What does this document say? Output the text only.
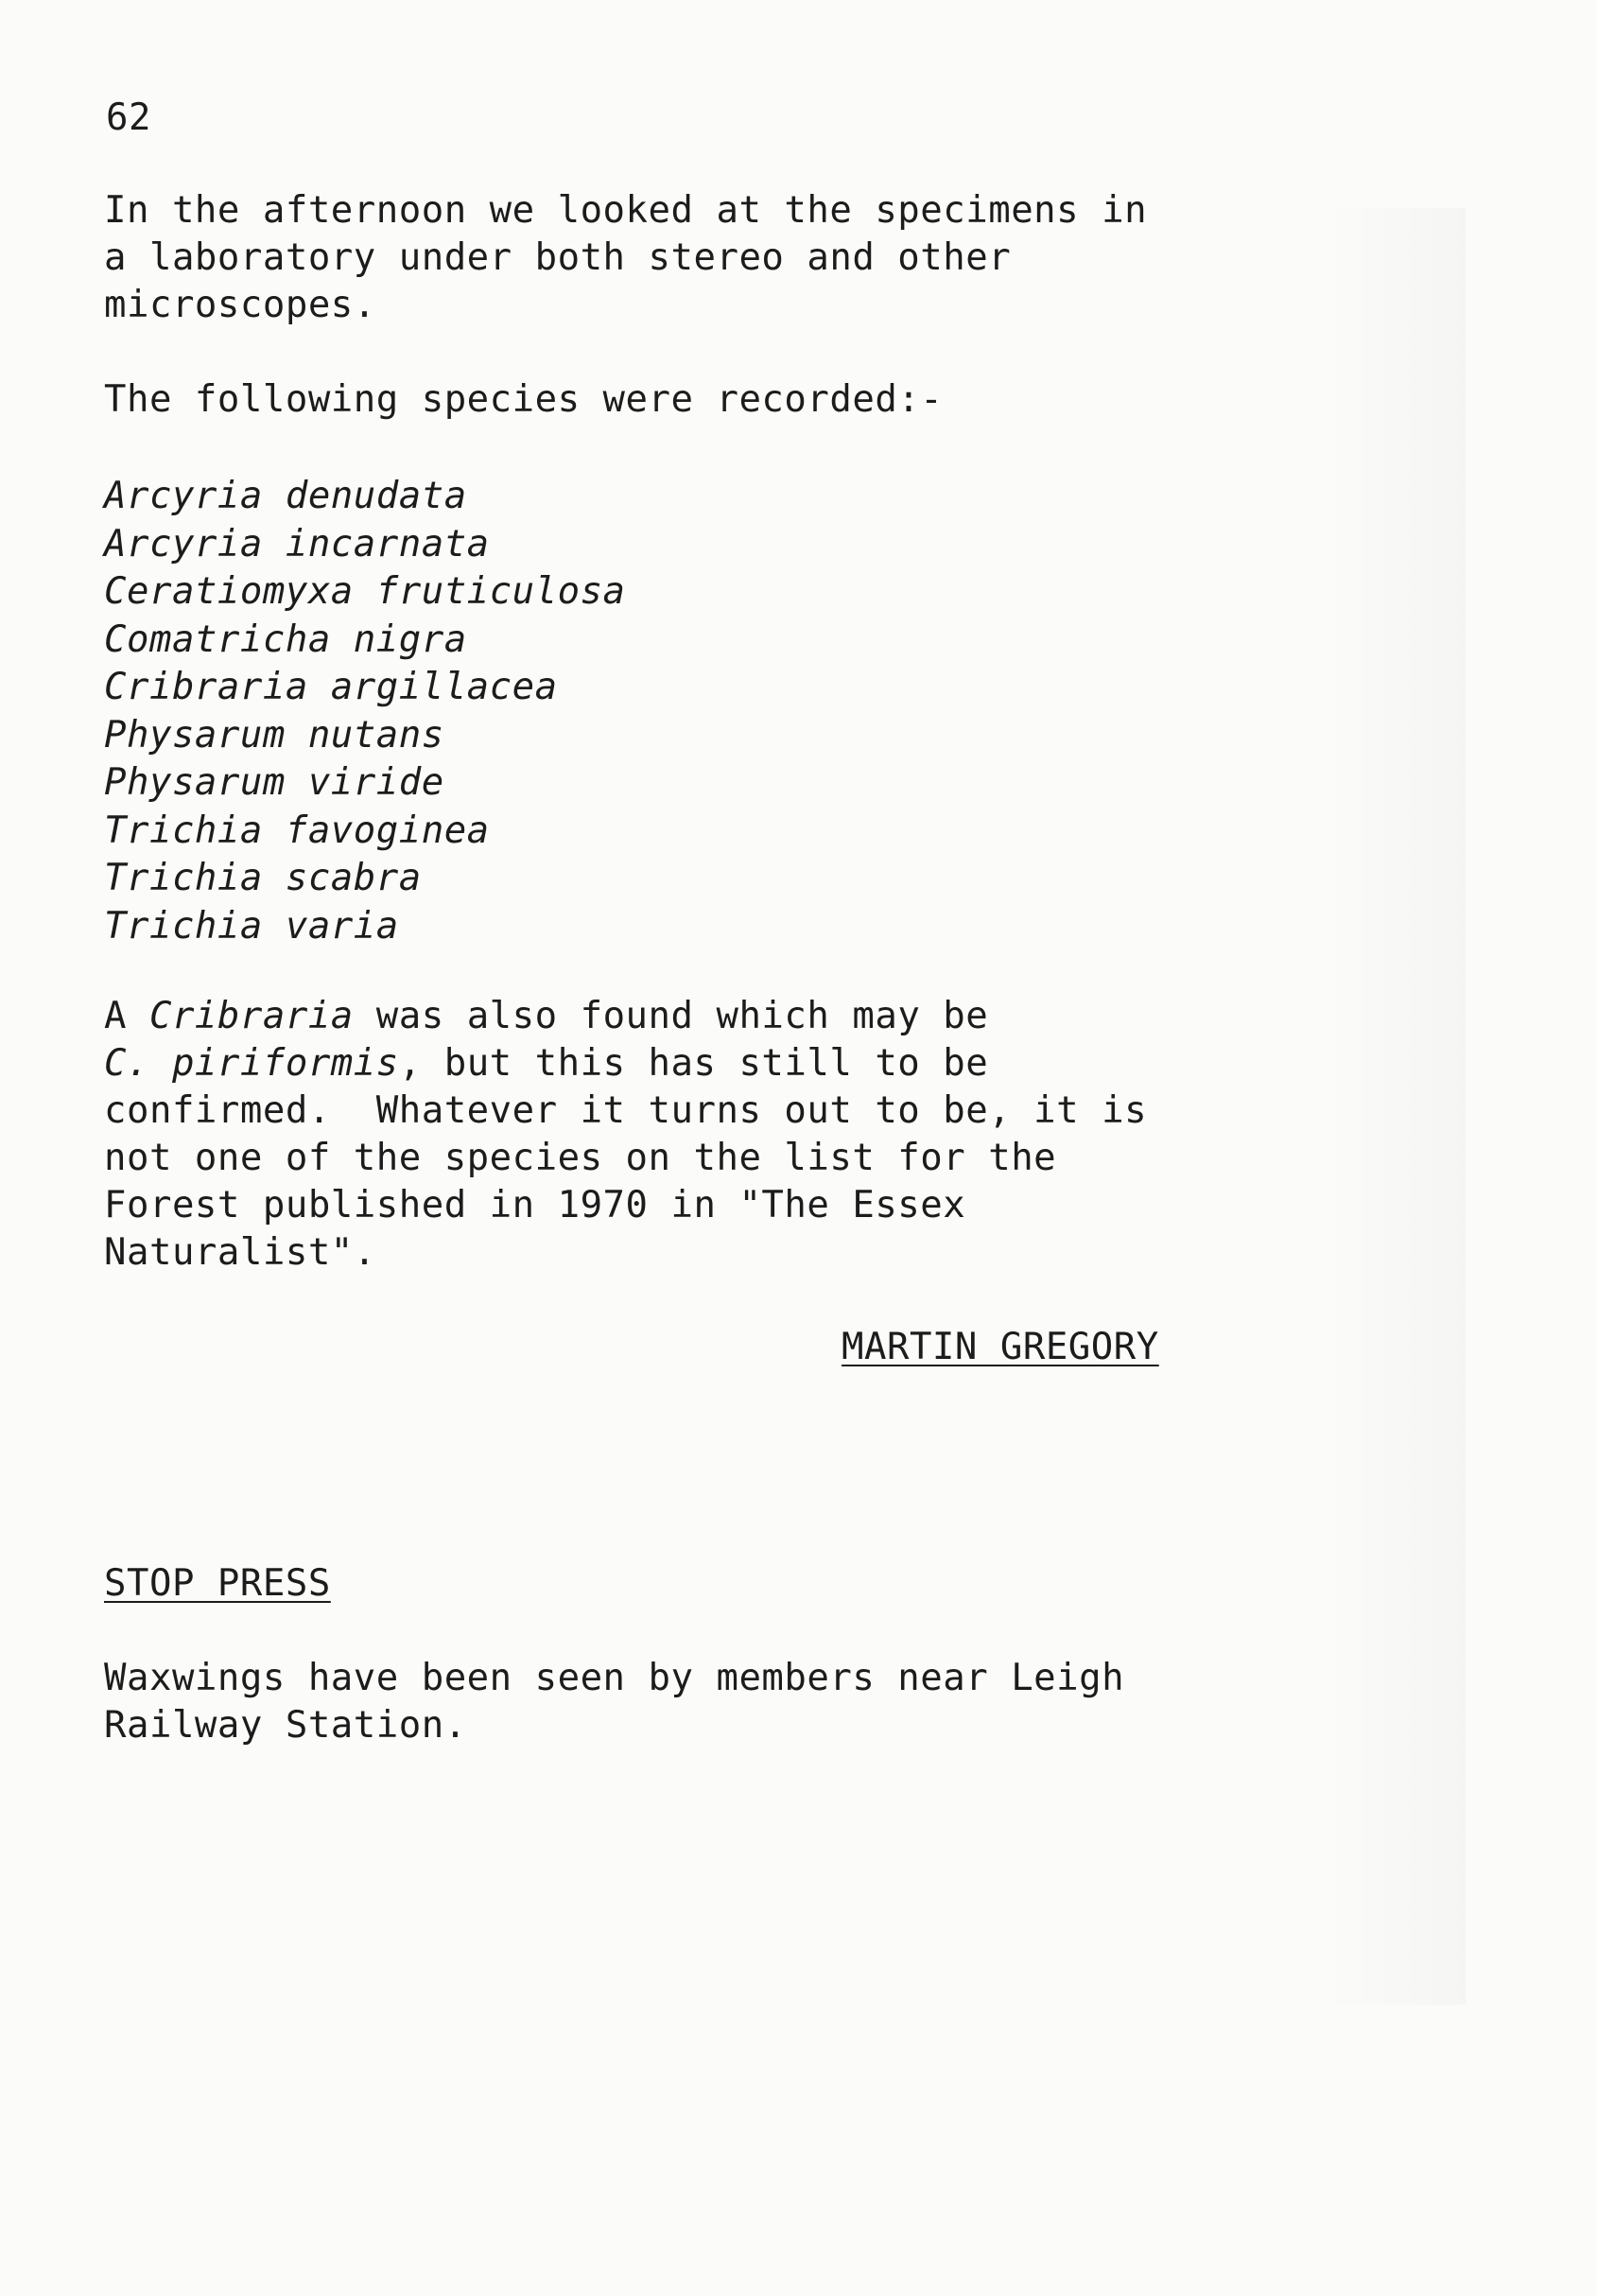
62
In the afternoon we looked at the specimens in
a laboratory under both stereo and other
microscopes.
The following species were recorded:-
Arcyria denudata
Arcyria incarnata
Ceratiomyxa fruticulosa
Comatricha nigra
Cribraria argillacea
Physarum nutans
Physarum viride
Trichia favoginea
Trichia scabra
Trichia varia
A Cribraria was also found which may be
C. piriformis, but this has still to be
confirmed.  Whatever it turns out to be, it is
not one of the species on the list for the
Forest published in 1970 in "The Essex
Naturalist".
MARTIN GREGORY
STOP PRESS
Waxwings have been seen by members near Leigh
Railway Station.
